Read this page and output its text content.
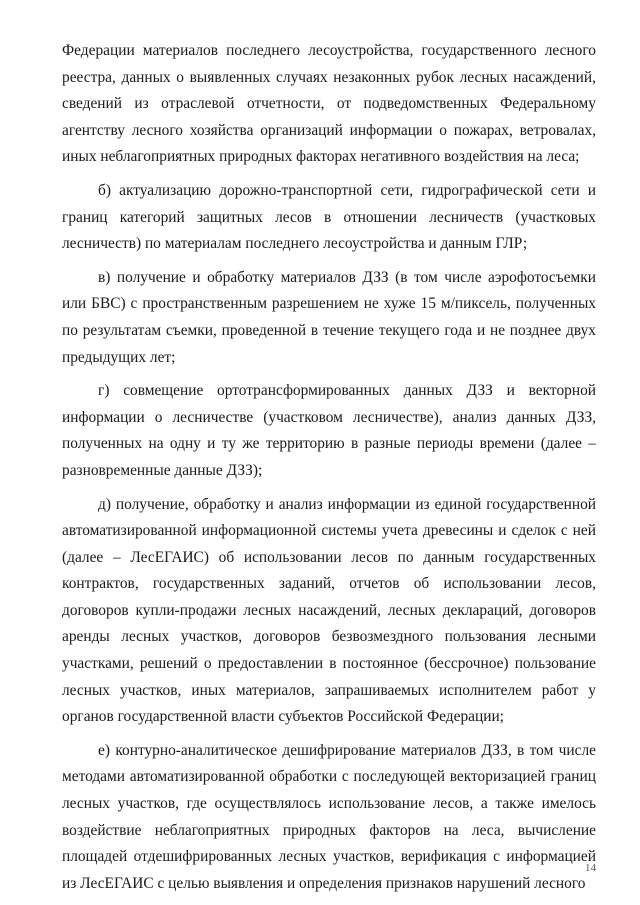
Федерации материалов последнего лесоустройства, государственного лесного реестра, данных о выявленных случаях незаконных рубок лесных насаждений, сведений из отраслевой отчетности, от подведомственных Федеральному агентству лесного хозяйства организаций информации о пожарах, ветровалах, иных неблагоприятных природных факторах негативного воздействия на леса;

б) актуализацию дорожно-транспортной сети, гидрографической сети и границ категорий защитных лесов в отношении лесничеств (участковых лесничеств) по материалам последнего лесоустройства и данным ГЛР;

в) получение и обработку материалов ДЗЗ (в том числе аэрофотосъемки или БВС) с пространственным разрешением не хуже 15 м/пиксель, полученных по результатам съемки, проведенной в течение текущего года и не позднее двух предыдущих лет;

г) совмещение ортотрансформированных данных ДЗЗ и векторной информации о лесничестве (участковом лесничестве), анализ данных ДЗЗ, полученных на одну и ту же территорию в разные периоды времени (далее – разновременные данные ДЗЗ);

д) получение, обработку и анализ информации из единой государственной автоматизированной информационной системы учета древесины и сделок с ней (далее – ЛесЕГАИС) об использовании лесов по данным государственных контрактов, государственных заданий, отчетов об использовании лесов, договоров купли-продажи лесных насаждений, лесных деклараций, договоров аренды лесных участков, договоров безвозмездного пользования лесными участками, решений о предоставлении в постоянное (бессрочное) пользование лесных участков, иных материалов, запрашиваемых исполнителем работ у органов государственной власти субъектов Российской Федерации;

е) контурно-аналитическое дешифрирование материалов ДЗЗ, в том числе методами автоматизированной обработки с последующей векторизацией границ лесных участков, где осуществлялось использование лесов, а также имелось воздействие неблагоприятных природных факторов на леса, вычисление площадей отдешифрированных лесных участков, верификация с информацией из ЛесЕГАИС с целью выявления и определения признаков нарушений лесного

14
